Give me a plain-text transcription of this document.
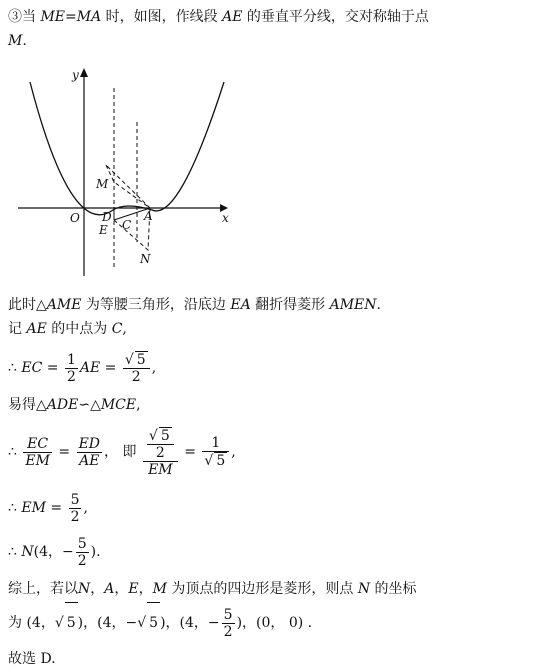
③当 ME=MA 时，如图，作线段 AE 的垂直平分线，交对称轴于点
M.
y
x
O D	A
E C
M
N
此时△AME 为等腰三角形，沿底边 EA 翻折得菱形 AMEN.
记 AE 的中点为 C,
∴ EC = $\frac{1}{2}$ AE = $\frac{√ 5}{2}$ ,
易得△ADE∽△MCE,
∴ $\frac{EC}{EM} = \frac{ED}{AE}$ ， 即 $\frac{\frac{√ 5}{2}}{EM} = \frac{1}{√ 5}$ ,
∴ EM = $\frac{5}{2}$ ,
∴ N(4，− $\frac{5}{2}$ ).
综上，若以N，A，E，M 为顶点的四边形是菱形，则点 N 的坐标
为 (4，√ 5 )，(4，−√ 5 )，(4，− $\frac{5}{2}$ )，(0， 0) .
故选 D.
